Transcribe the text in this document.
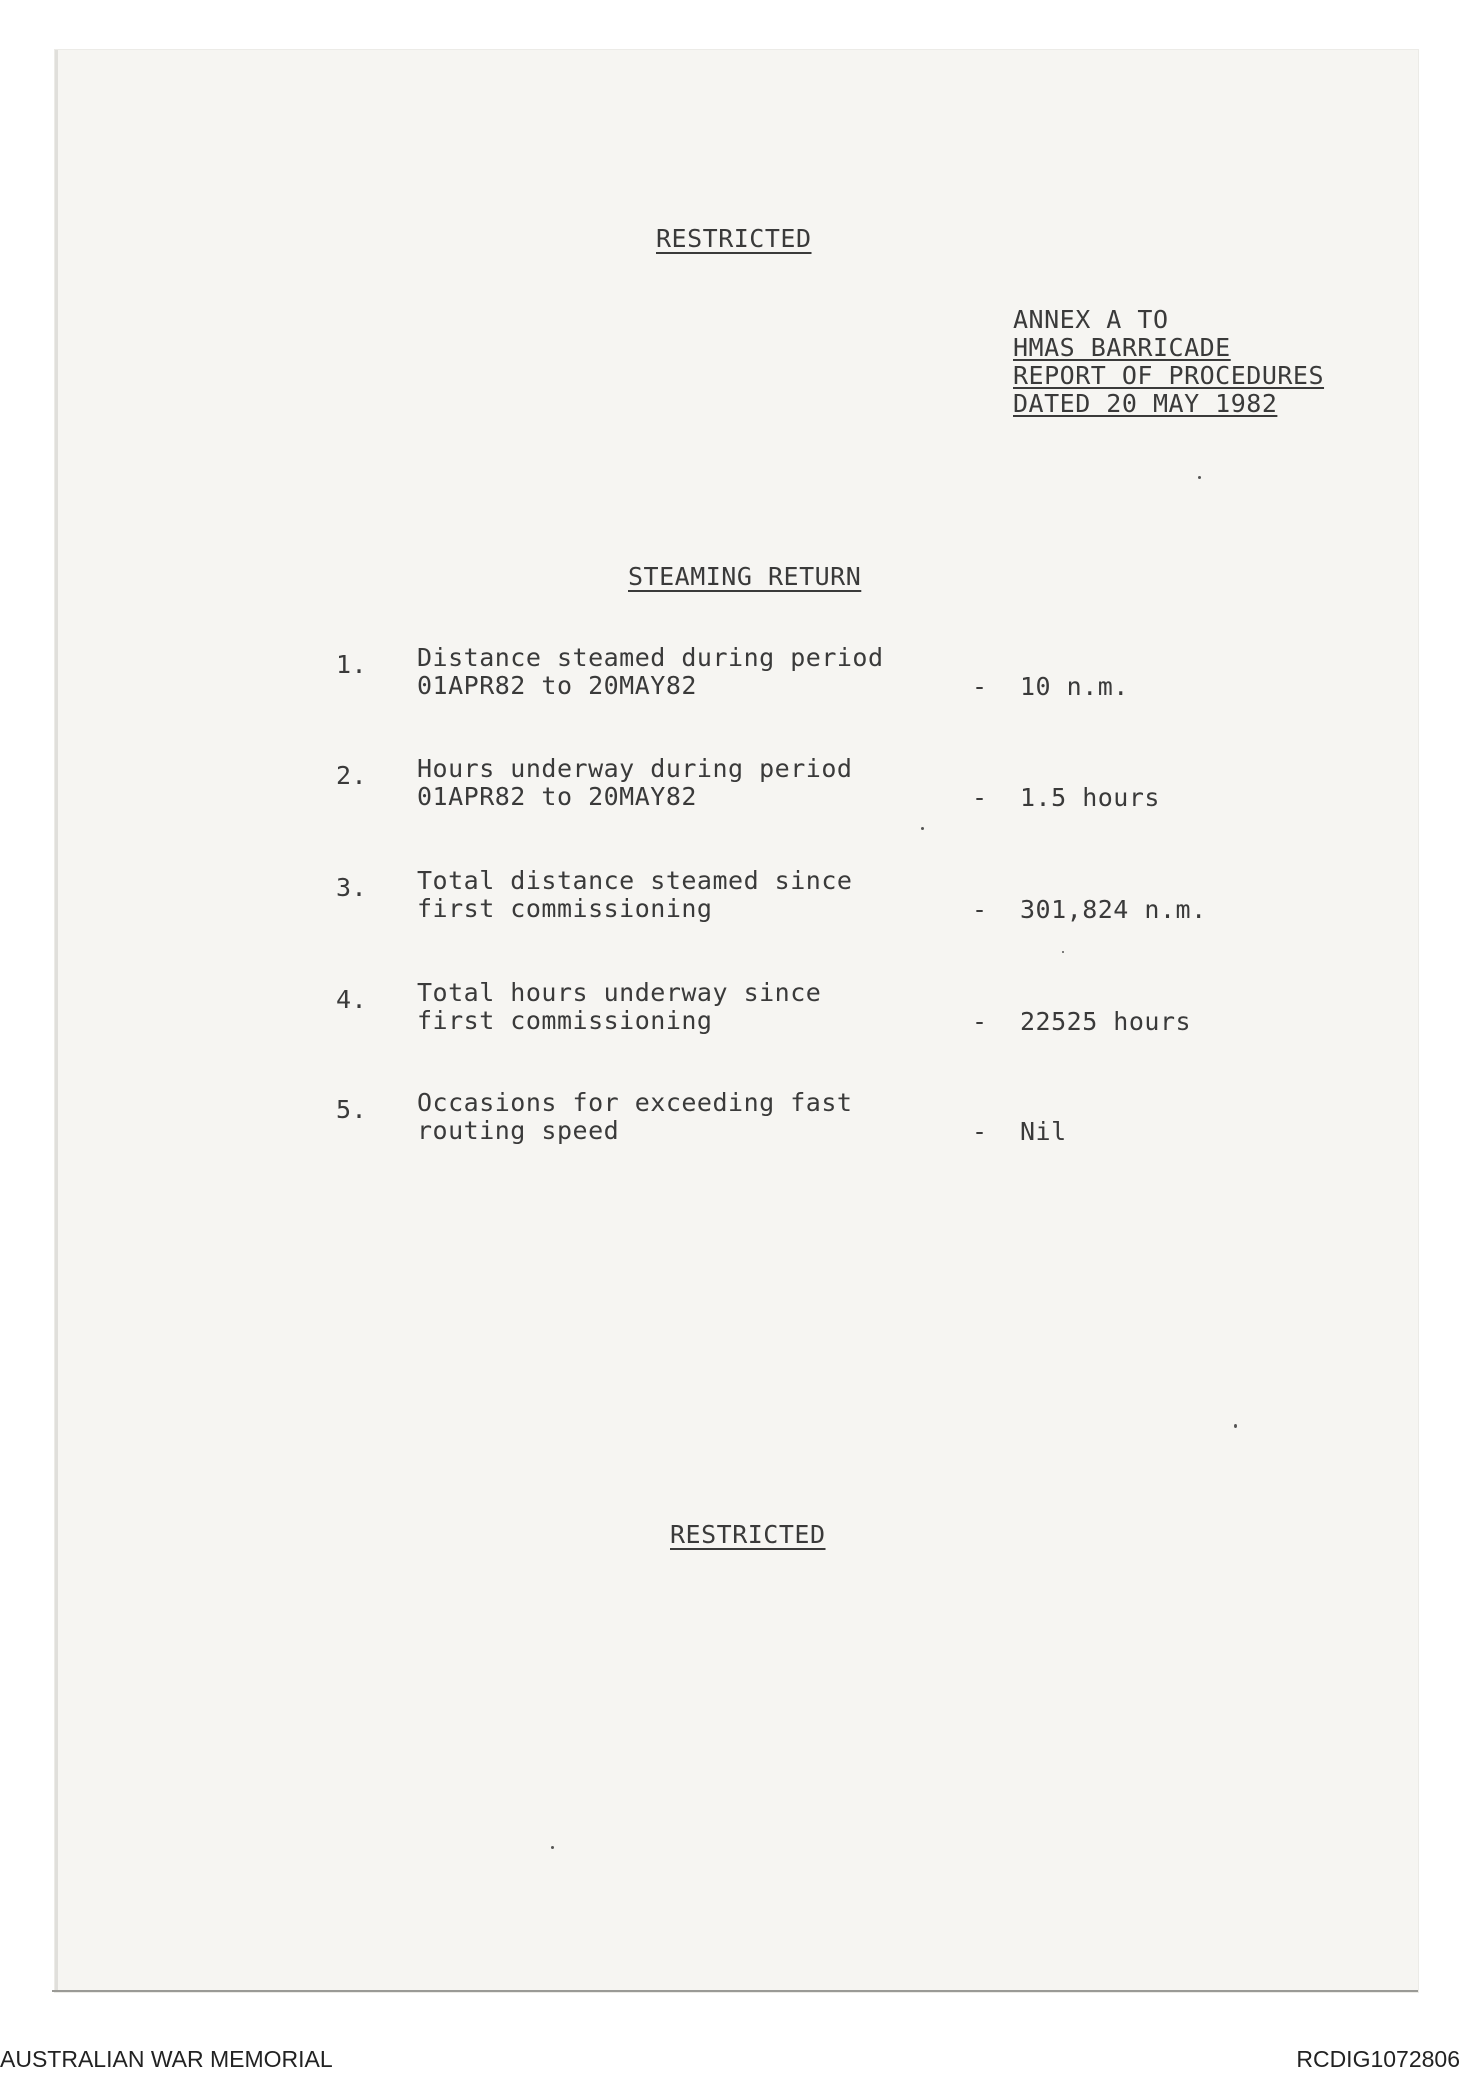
RESTRICTED
ANNEX A TO
HMAS BARRICADE
REPORT OF PROCEDURES
DATED 20 MAY 1982
STEAMING RETURN
1. Distance steamed during period
01APR82 to 20MAY82	- 10 n.m.
2. Hours underway during period
01APR82 to 20MAY82	- 1.5 hours
3. Total distance steamed since
first commissioning	- 301,824 n.m.
4. Total hours underway since
first commissioning	- 22525 hours
5. Occasions for exceeding fast
routing speed	- Nil
RESTRICTED
AUSTRALIAN WAR MEMORIAL	RCDIG1072806
